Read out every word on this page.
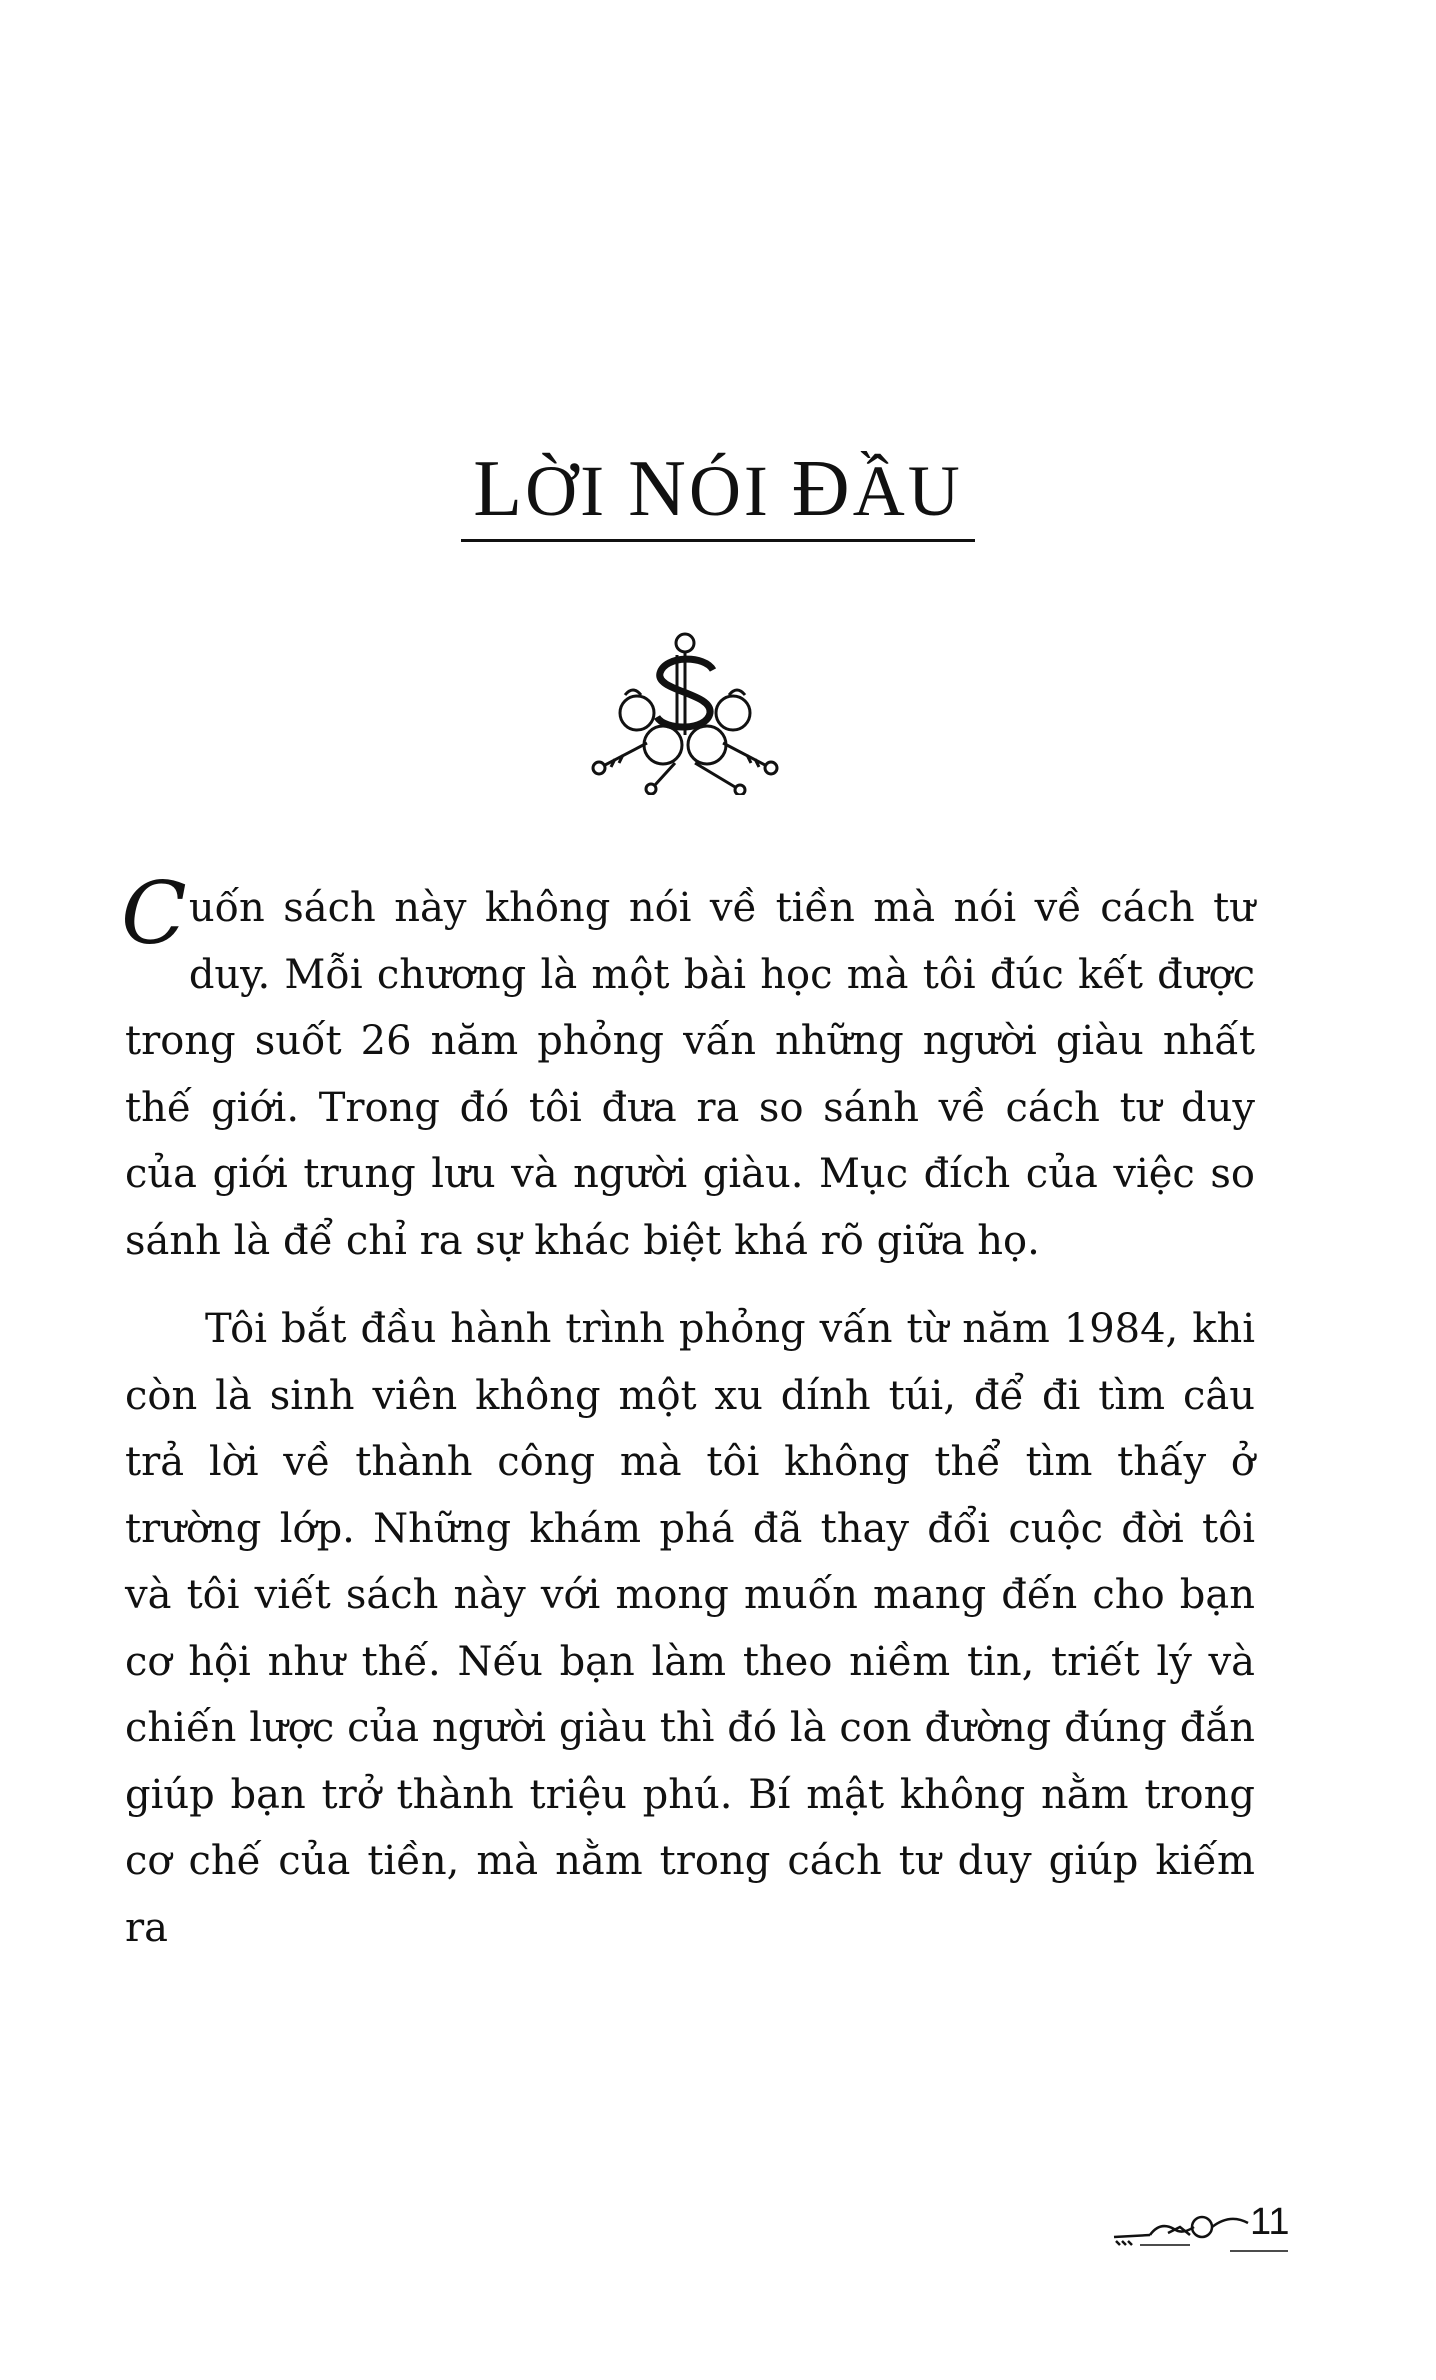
LỜI NÓI ĐẦU

Cuốn sách này không nói về tiền mà nói về cách tư duy. Mỗi chương là một bài học mà tôi đúc kết được trong suốt 26 năm phỏng vấn những người giàu nhất thế giới. Trong đó tôi đưa ra so sánh về cách tư duy của giới trung lưu và người giàu. Mục đích của việc so sánh là để chỉ ra sự khác biệt khá rõ giữa họ.

Tôi bắt đầu hành trình phỏng vấn từ năm 1984, khi còn là sinh viên không một xu dính túi, để đi tìm câu trả lời về thành công mà tôi không thể tìm thấy ở trường lớp. Những khám phá đã thay đổi cuộc đời tôi và tôi viết sách này với mong muốn mang đến cho bạn cơ hội như thế. Nếu bạn làm theo niềm tin, triết lý và chiến lược của người giàu thì đó là con đường đúng đắn giúp bạn trở thành triệu phú. Bí mật không nằm trong cơ chế của tiền, mà nằm trong cách tư duy giúp kiếm ra

11
